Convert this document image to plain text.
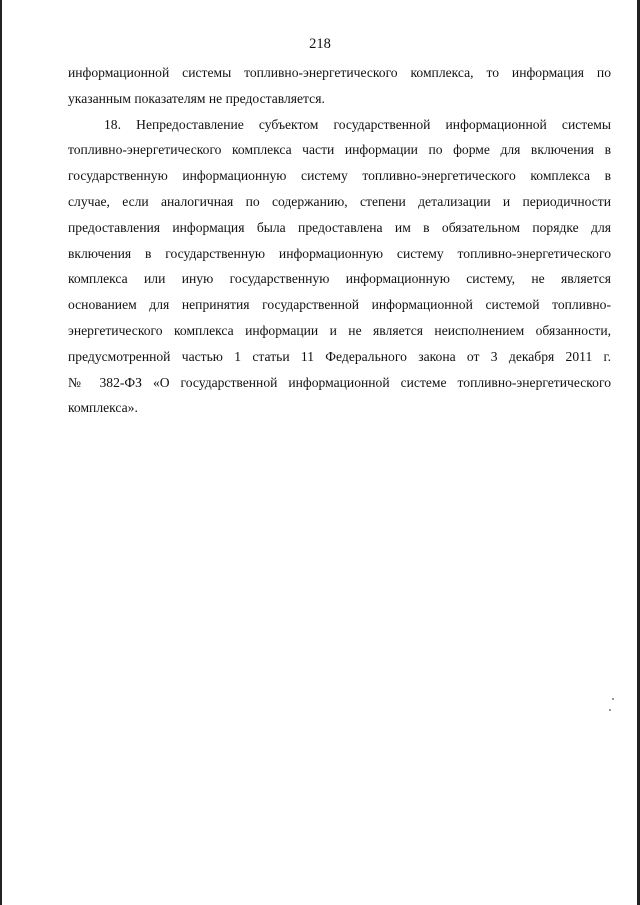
218
информационной системы топливно-энергетического комплекса, то информация по
указанным показателям не предоставляется.
18. Непредоставление субъектом государственной информационной системы
топливно-энергетического комплекса части информации по форме для включения в
государственную информационную систему топливно-энергетического комплекса в
случае, если аналогичная по содержанию, степени детализации и периодичности
предоставления информация была предоставлена им в обязательном порядке для
включения в государственную информационную систему топливно-энергетического
комплекса или иную государственную информационную систему, не является
основанием для непринятия государственной информационной системой топливно-
энергетического комплекса информации и не является неисполнением обязанности,
предусмотренной частью 1 статьи 11 Федерального закона от 3 декабря 2011 г.
№ 382-ФЗ «О государственной информационной системе топливно-энергетического
комплекса».
